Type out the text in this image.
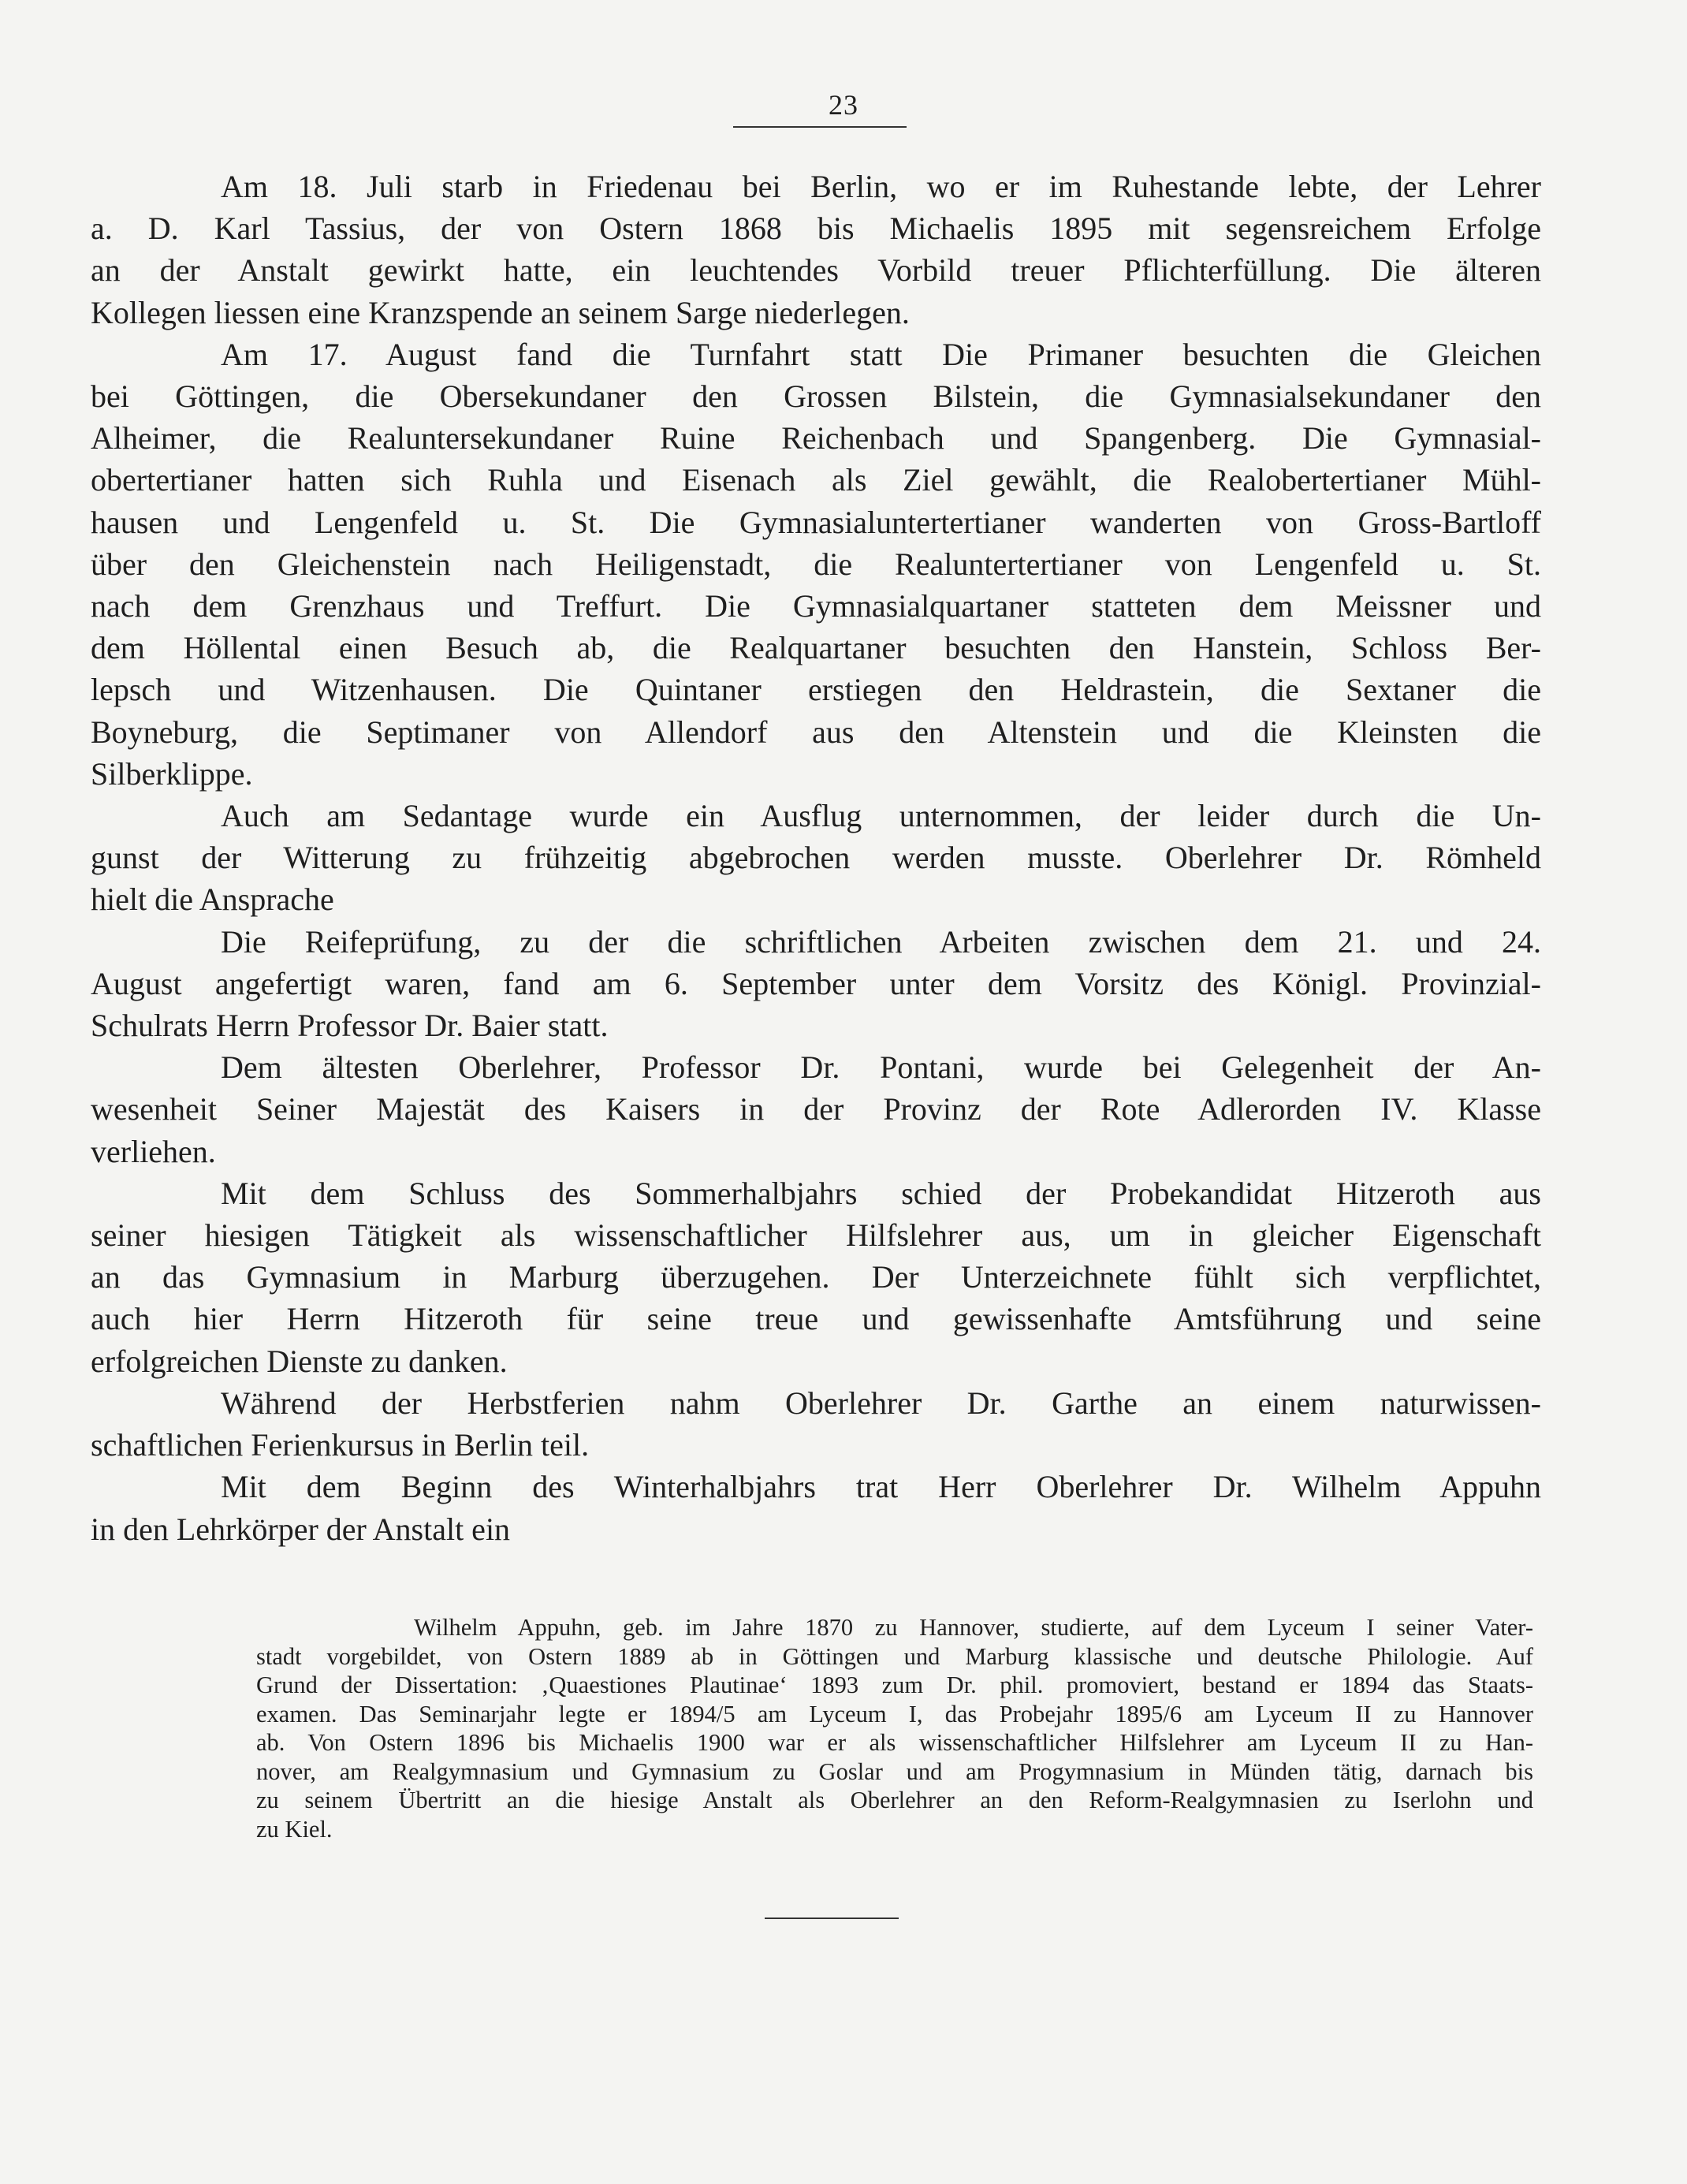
23
Am 18. Juli starb in Friedenau bei Berlin, wo er im Ruhestande lebte, der Lehrer
a. D. Karl Tassius, der von Ostern 1868 bis Michaelis 1895 mit segensreichem Erfolge
an der Anstalt gewirkt hatte, ein leuchtendes Vorbild treuer Pflichterfüllung. Die älteren
Kollegen liessen eine Kranzspende an seinem Sarge niederlegen.
Am 17. August fand die Turnfahrt statt Die Primaner besuchten die Gleichen
bei Göttingen, die Obersekundaner den Grossen Bilstein, die Gymnasialsekundaner den
Alheimer, die Realuntersekundaner Ruine Reichenbach und Spangenberg. Die Gymnasial-
obertertianer hatten sich Ruhla und Eisenach als Ziel gewählt, die Realobertertianer Mühl-
hausen und Lengenfeld u. St. Die Gymnasialuntertertianer wanderten von Gross-Bartloff
über den Gleichenstein nach Heiligenstadt, die Realuntertertianer von Lengenfeld u. St.
nach dem Grenzhaus und Treffurt. Die Gymnasialquartaner statteten dem Meissner und
dem Höllental einen Besuch ab, die Realquartaner besuchten den Hanstein, Schloss Ber-
lepsch und Witzenhausen. Die Quintaner erstiegen den Heldrastein, die Sextaner die
Boyneburg, die Septimaner von Allendorf aus den Altenstein und die Kleinsten die
Silberklippe.
Auch am Sedantage wurde ein Ausflug unternommen, der leider durch die Un-
gunst der Witterung zu frühzeitig abgebrochen werden musste. Oberlehrer Dr. Römheld
hielt die Ansprache
Die Reifeprüfung, zu der die schriftlichen Arbeiten zwischen dem 21. und 24.
August angefertigt waren, fand am 6. September unter dem Vorsitz des Königl. Provinzial-
Schulrats Herrn Professor Dr. Baier statt.
Dem ältesten Oberlehrer, Professor Dr. Pontani, wurde bei Gelegenheit der An-
wesenheit Seiner Majestät des Kaisers in der Provinz der Rote Adlerorden IV. Klasse
verliehen.
Mit dem Schluss des Sommerhalbjahrs schied der Probekandidat Hitzeroth aus
seiner hiesigen Tätigkeit als wissenschaftlicher Hilfslehrer aus, um in gleicher Eigenschaft
an das Gymnasium in Marburg überzugehen. Der Unterzeichnete fühlt sich verpflichtet,
auch hier Herrn Hitzeroth für seine treue und gewissenhafte Amtsführung und seine
erfolgreichen Dienste zu danken.
Während der Herbstferien nahm Oberlehrer Dr. Garthe an einem naturwissen-
schaftlichen Ferienkursus in Berlin teil.
Mit dem Beginn des Winterhalbjahrs trat Herr Oberlehrer Dr. Wilhelm Appuhn
in den Lehrkörper der Anstalt ein
Wilhelm Appuhn, geb. im Jahre 1870 zu Hannover, studierte, auf dem Lyceum I seiner Vater-
stadt vorgebildet, von Ostern 1889 ab in Göttingen und Marburg klassische und deutsche Philologie. Auf
Grund der Dissertation: ‚Quaestiones Plautinae‘ 1893 zum Dr. phil. promoviert, bestand er 1894 das Staats-
examen. Das Seminarjahr legte er 1894/5 am Lyceum I, das Probejahr 1895/6 am Lyceum II zu Hannover
ab. Von Ostern 1896 bis Michaelis 1900 war er als wissenschaftlicher Hilfslehrer am Lyceum II zu Han-
nover, am Realgymnasium und Gymnasium zu Goslar und am Progymnasium in Münden tätig, darnach bis
zu seinem Übertritt an die hiesige Anstalt als Oberlehrer an den Reform-Realgymnasien zu Iserlohn und
zu Kiel.
